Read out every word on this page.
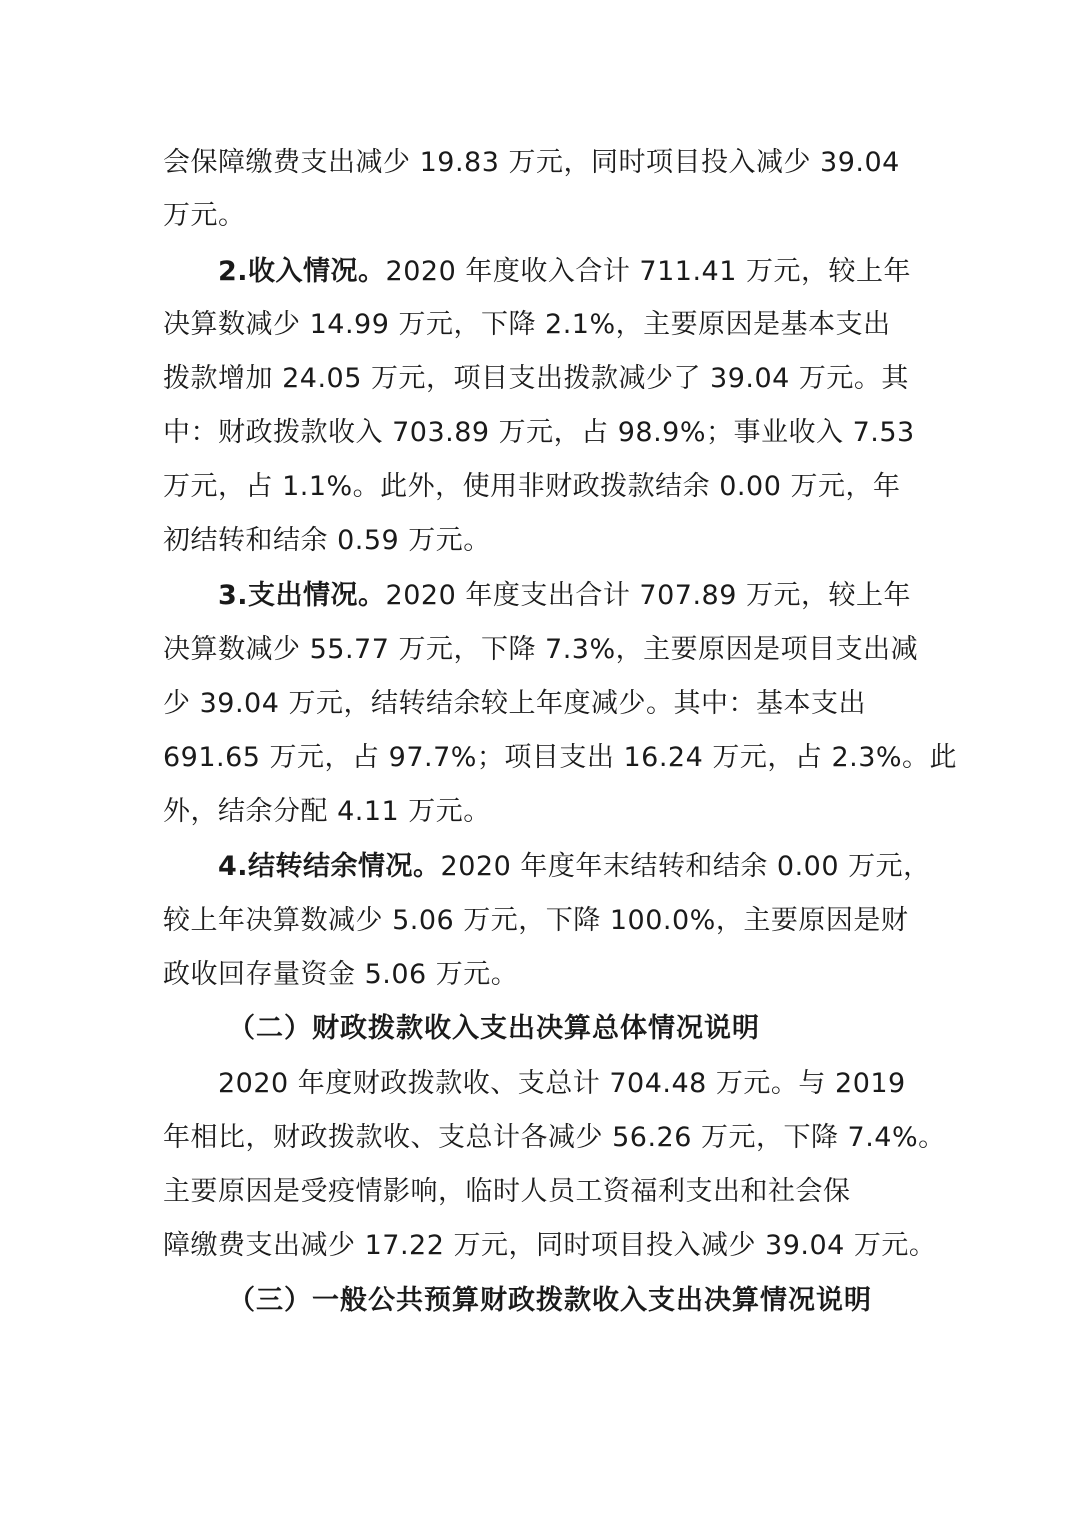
会保障缴费支出减少 19.83 万元，同时项目投入减少 39.04
万元。
2.收入情况。2020 年度收入合计 711.41 万元，较上年
决算数减少 14.99 万元，下降 2.1%，主要原因是基本支出
拨款增加 24.05 万元，项目支出拨款减少了 39.04 万元。其
中：财政拨款收入 703.89 万元，占 98.9%；事业收入 7.53
万元，占 1.1%。此外，使用非财政拨款结余 0.00 万元，年
初结转和结余 0.59 万元。
3.支出情况。2020 年度支出合计 707.89 万元，较上年
决算数减少 55.77 万元，下降 7.3%，主要原因是项目支出减
少 39.04 万元，结转结余较上年度减少。其中：基本支出
691.65 万元，占 97.7%；项目支出 16.24 万元，占 2.3%。此
外，结余分配 4.11 万元。
4.结转结余情况。2020 年度年末结转和结余 0.00 万元，
较上年决算数减少 5.06 万元，下降 100.0%，主要原因是财
政收回存量资金 5.06 万元。
（二）财政拨款收入支出决算总体情况说明
2020 年度财政拨款收、支总计 704.48 万元。与 2019
年相比，财政拨款收、支总计各减少 56.26 万元，下降 7.4%。
主要原因是受疫情影响，临时人员工资福利支出和社会保
障缴费支出减少 17.22 万元，同时项目投入减少 39.04 万元。
（三）一般公共预算财政拨款收入支出决算情况说明
